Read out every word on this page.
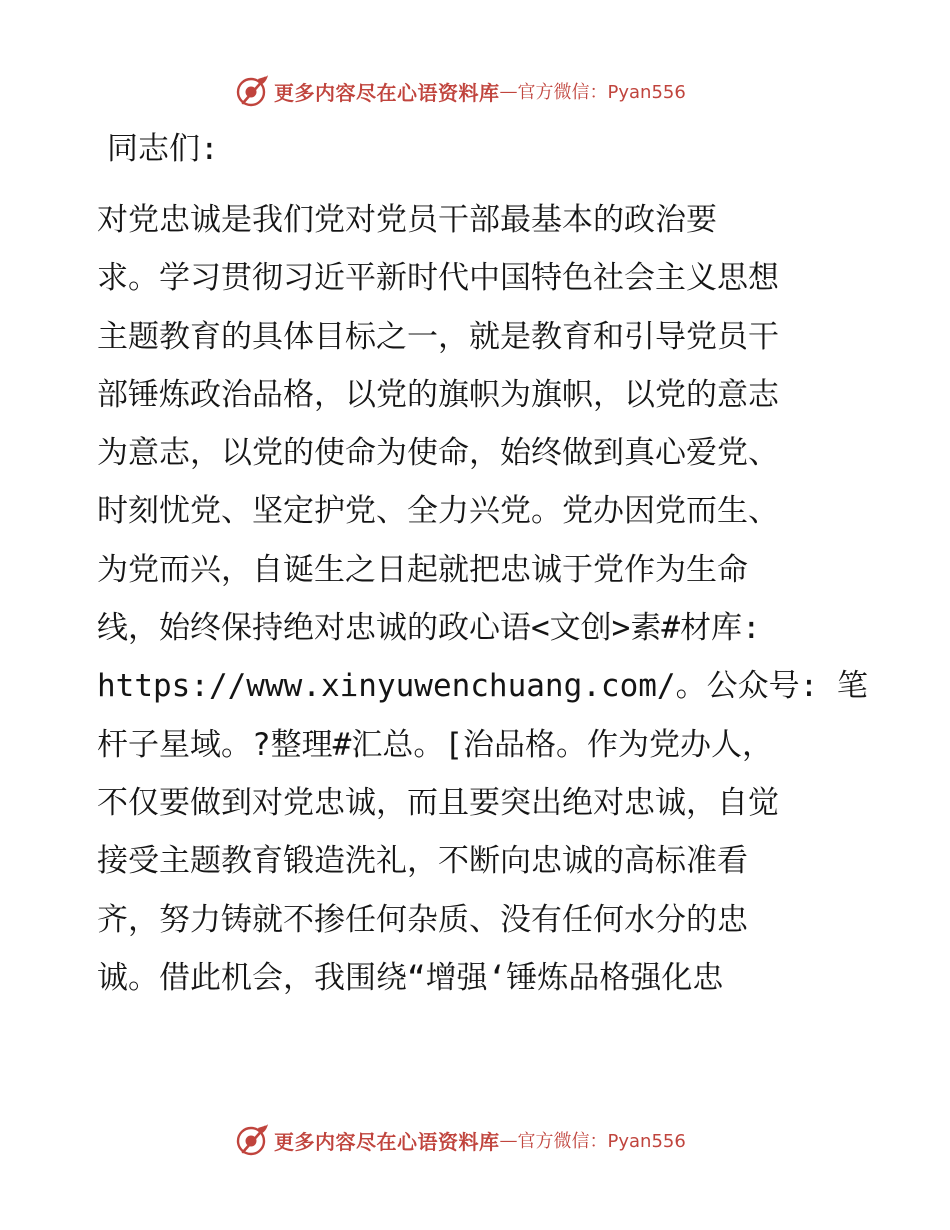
更多内容尽在心语资料库 — 官方微信：Pyan556
同志们:
对党忠诚是我们党对党员干部最基本的政治要
求。学习贯彻习近平新时代中国特色社会主义思想
主题教育的具体目标之一，就是教育和引导党员干
部锤炼政治品格，以党的旗帜为旗帜，以党的意志
为意志，以党的使命为使命，始终做到真心爱党、
时刻忧党、坚定护党、全力兴党。党办因党而生、
为党而兴，自诞生之日起就把忠诚于党作为生命
线，始终保持绝对忠诚的政心语<文创>素#材库:
https://www.xinyuwenchuang.com/。公众号: 笔
杆子星域。?整理#汇总。[治品格。作为党办人，
不仅要做到对党忠诚，而且要突出绝对忠诚，自觉
接受主题教育锻造洗礼，不断向忠诚的高标准看
齐，努力铸就不掺任何杂质、没有任何水分的忠
诚。借此机会，我围绕“增强‘锤炼品格强化忠
更多内容尽在心语资料库 — 官方微信：Pyan556
